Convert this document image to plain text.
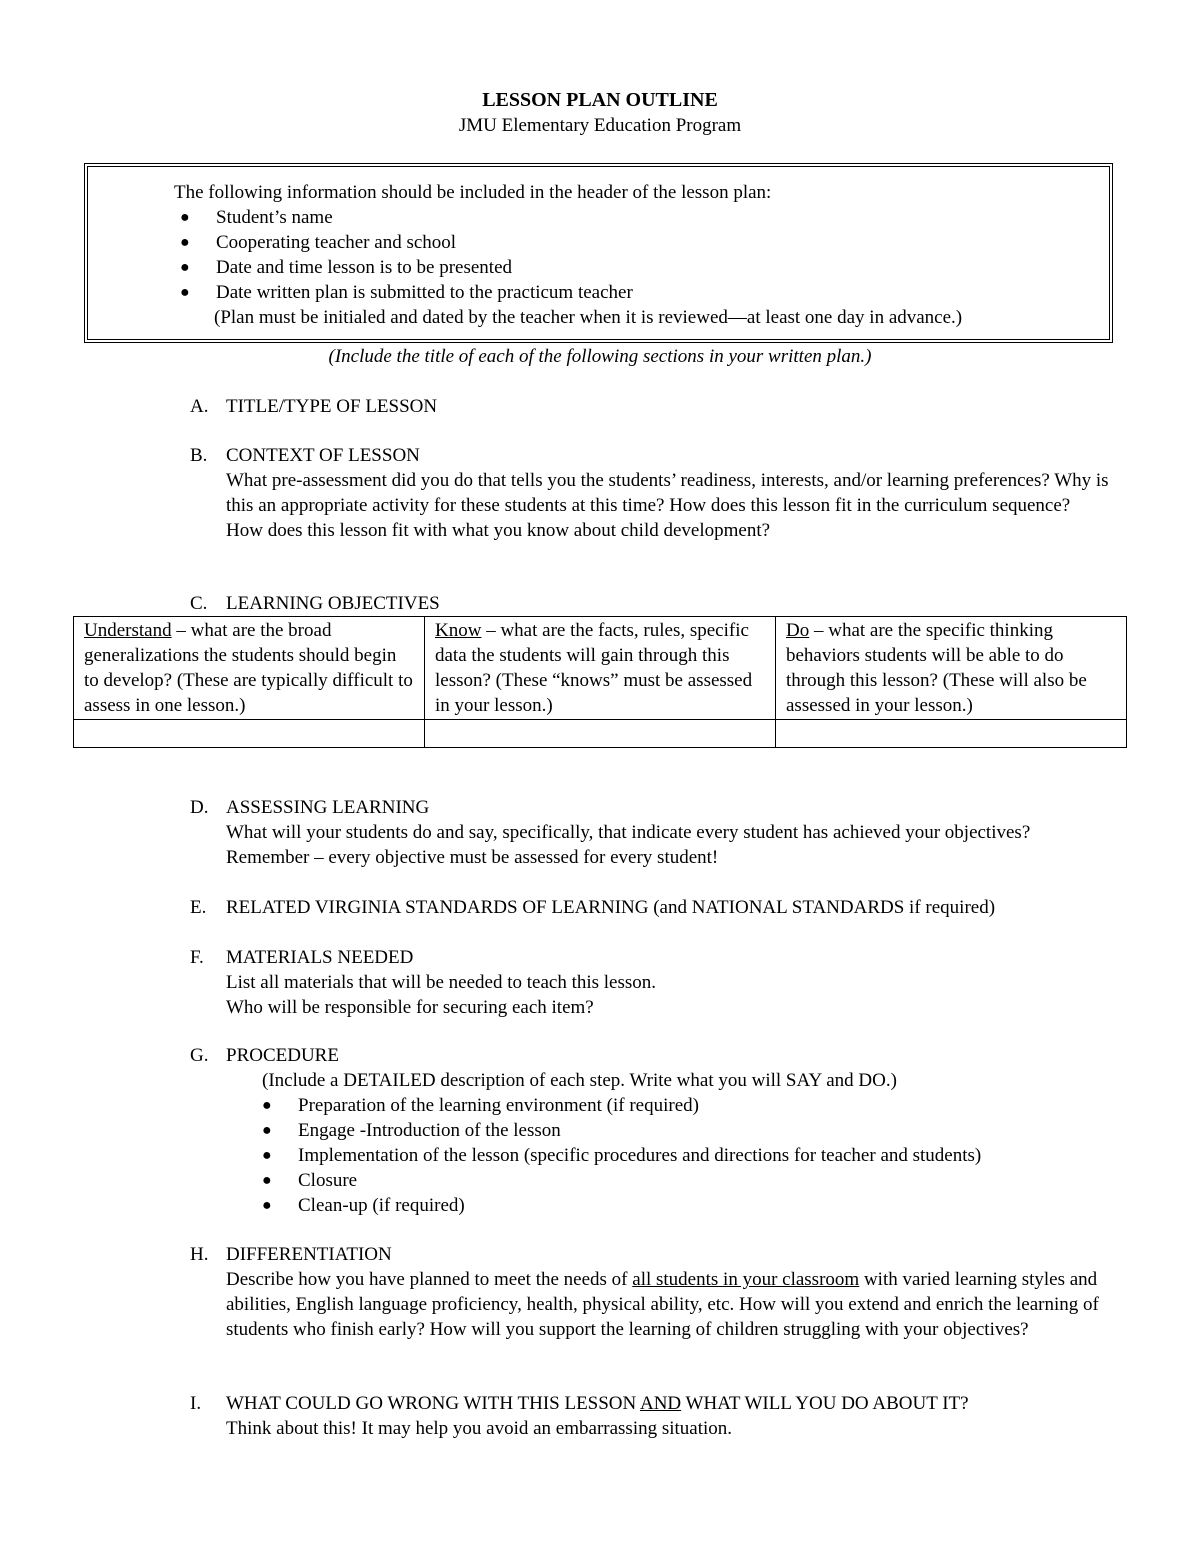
LESSON PLAN OUTLINE
JMU Elementary Education Program
The following information should be included in the header of the lesson plan:
● Student’s name
● Cooperating teacher and school
● Date and time lesson is to be presented
● Date written plan is submitted to the practicum teacher
(Plan must be initialed and dated by the teacher when it is reviewed—at least one day in advance.)
(Include the title of each of the following sections in your written plan.)
A. TITLE/TYPE OF LESSON
B. CONTEXT OF LESSON
What pre-assessment did you do that tells you the students’ readiness, interests, and/or learning preferences? Why is this an appropriate activity for these students at this time? How does this lesson fit in the curriculum sequence? How does this lesson fit with what you know about child development?
C. LEARNING OBJECTIVES
Understand – what are the broad generalizations the students should begin to develop? (These are typically difficult to assess in one lesson.)	Know – what are the facts, rules, specific data the students will gain through this lesson? (These “knows” must be assessed in your lesson.)	Do – what are the specific thinking behaviors students will be able to do through this lesson? (These will also be assessed in your lesson.)

D. ASSESSING LEARNING
What will your students do and say, specifically, that indicate every student has achieved your objectives? Remember – every objective must be assessed for every student!
E. RELATED VIRGINIA STANDARDS OF LEARNING (and NATIONAL STANDARDS if required)
F. MATERIALS NEEDED
List all materials that will be needed to teach this lesson.
Who will be responsible for securing each item?
G. PROCEDURE
(Include a DETAILED description of each step. Write what you will SAY and DO.)
● Preparation of the learning environment (if required)
● Engage -Introduction of the lesson
● Implementation of the lesson (specific procedures and directions for teacher and students)
● Closure
● Clean-up (if required)
H. DIFFERENTIATION
Describe how you have planned to meet the needs of all students in your classroom with varied learning styles and abilities, English language proficiency, health, physical ability, etc. How will you extend and enrich the learning of students who finish early? How will you support the learning of children struggling with your objectives?
I. WHAT COULD GO WRONG WITH THIS LESSON AND WHAT WILL YOU DO ABOUT IT?
Think about this! It may help you avoid an embarrassing situation.
